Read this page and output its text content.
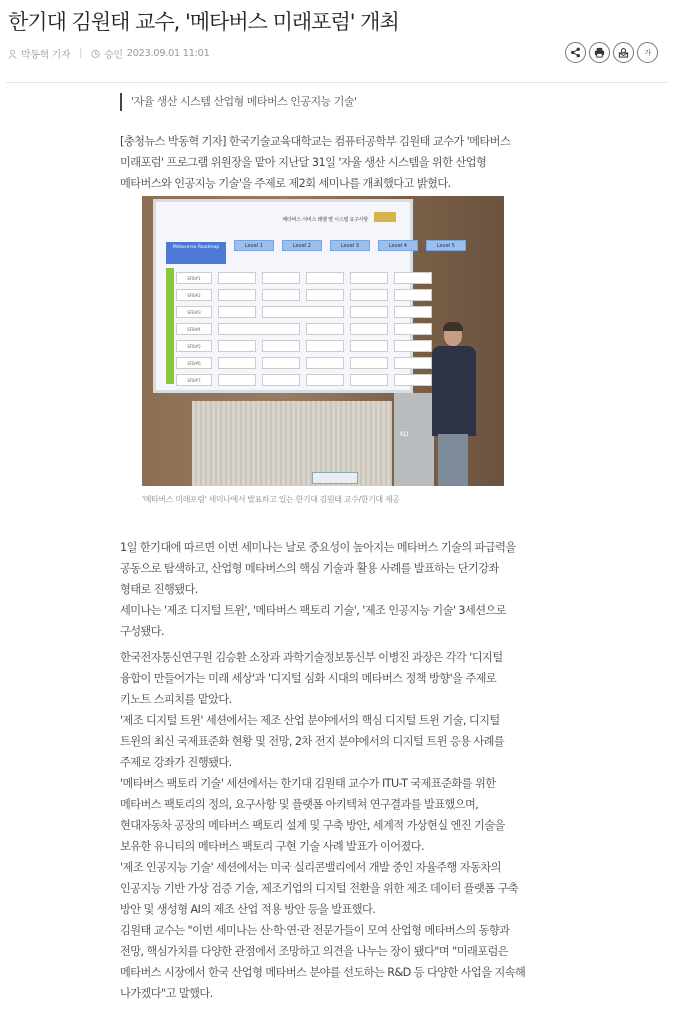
한기대 김원태 교수, '메타버스 미래포럼' 개최
박동혁 기자 | 승인 2023.09.01 11:01	가
'자율 생산 시스템 산업형 메타버스 인공지능 기술'

[충청뉴스 박동혁 기자] 한국기술교육대학교는 컴퓨터공학부 김원태 교수가 '메타버스 미래포럼' 프로그램 위원장을 맡아 지난달 31일 '자율 생산 시스템을 위한 산업형 메타버스와 인공지능 기술'을 주제로 제2회 세미나를 개최했다고 밝혔다.

메타버스 서비스 레벨 별 시스템 요구사항
Metaverse Roadmap	Level 1	Level 2	Level 3	Level 4	Level 5
SFB#1
SFB#2
SFB#3
SFB#4
SFB#5
SFB#6
SFB#7
KD
'메타버스 미래포럼' 세미나에서 발표하고 있는 한기대 김원태 교수/한기대 제공

1일 한기대에 따르면 이번 세미나는 날로 중요성이 높아지는 메타버스 기술의 파급력을 공동으로 탐색하고, 산업형 메타버스의 핵심 기술과 활용 사례를 발표하는 단기강좌 형태로 진행됐다.

세미나는 '제조 디지털 트윈', '메타버스 팩토리 기술', '제조 인공지능 기술' 3세션으로 구성됐다.

한국전자통신연구원 김승환 소장과 과학기술정보통신부 이병진 과장은 각각 '디지털 융합이 만들어가는 미래 세상'과 '디지털 심화 시대의 메타버스 정책 방향'을 주제로 키노트 스피치를 맡았다.

'제조 디지털 트윈' 세션에서는 제조 산업 분야에서의 핵심 디지털 트윈 기술, 디지털 트윈의 최신 국제표준화 현황 및 전망, 2차 전지 분야에서의 디지털 트윈 응용 사례를 주제로 강좌가 진행됐다.

'메타버스 팩토리 기술' 세션에서는 한기대 김원태 교수가 ITU-T 국제표준화를 위한 메타버스 팩토리의 정의, 요구사항 및 플랫폼 아키텍쳐 연구결과를 발표했으며, 현대자동차 공장의 메타버스 팩토리 설계 및 구축 방안, 세계적 가상현실 엔진 기술을 보유한 유니티의 메타버스 팩토리 구현 기술 사례 발표가 이어졌다.

'제조 인공지능 기술' 세션에서는 미국 실리콘밸리에서 개발 중인 자율주행 자동차의 인공지능 기반 가상 검증 기술, 제조기업의 디지털 전환을 위한 제조 데이터 플랫폼 구축 방안 및 생성형 AI의 제조 산업 적용 방안 등을 발표했다.

김원태 교수는 "이번 세미나는 산·학·연·관 전문가들이 모여 산업형 메타버스의 동향과 전망, 핵심가치를 다양한 관점에서 조망하고 의견을 나누는 장이 됐다"며 "미래포럼은 메타버스 시장에서 한국 산업형 메타버스 분야를 선도하는 R&D 등 다양한 사업을 지속해 나가겠다"고 말했다.
